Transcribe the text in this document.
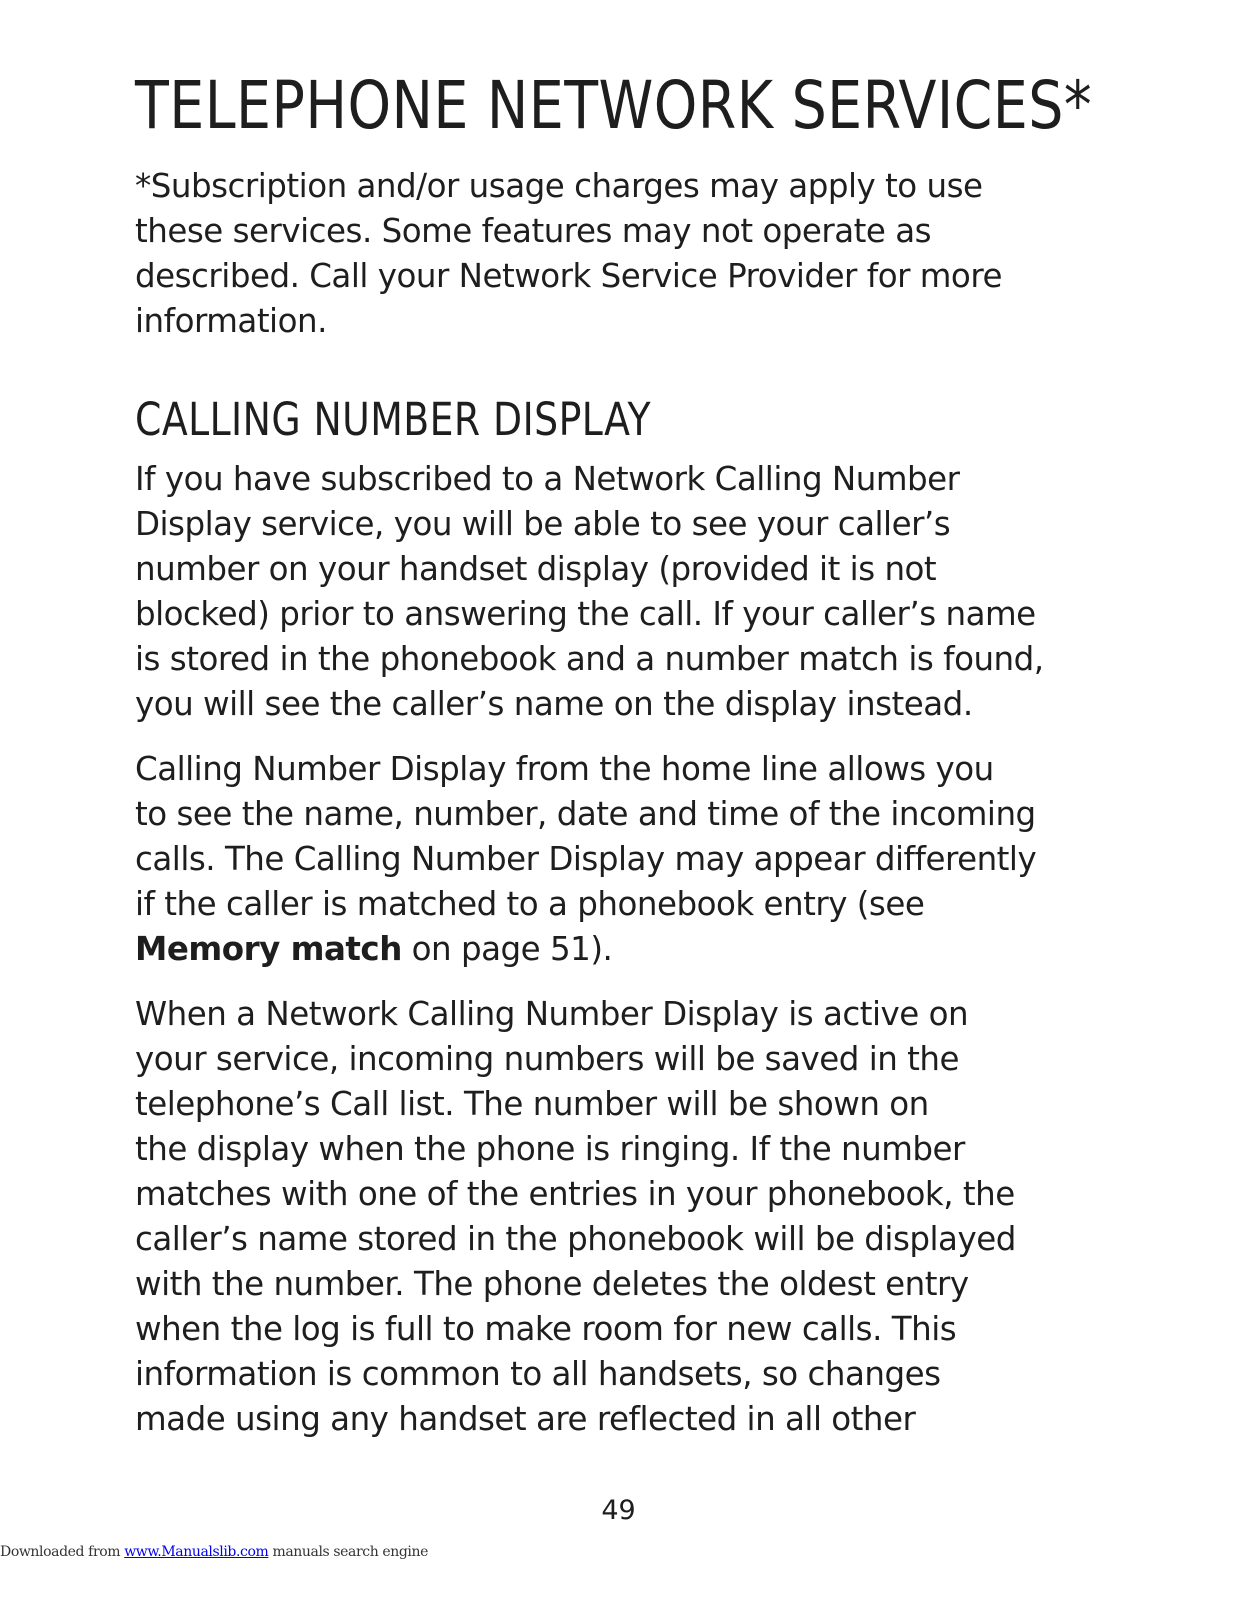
TELEPHONE NETWORK SERVICES*

*Subscription and/or usage charges may apply to use
these services. Some features may not operate as
described. Call your Network Service Provider for more
information.

CALLING NUMBER DISPLAY

If you have subscribed to a Network Calling Number
Display service, you will be able to see your caller’s
number on your handset display (provided it is not
blocked) prior to answering the call. If your caller’s name
is stored in the phonebook and a number match is found,
you will see the caller’s name on the display instead.

Calling Number Display from the home line allows you
to see the name, number, date and time of the incoming
calls. The Calling Number Display may appear differently
if the caller is matched to a phonebook entry (see
Memory match on page 51).

When a Network Calling Number Display is active on
your service, incoming numbers will be saved in the
telephone’s Call list. The number will be shown on
the display when the phone is ringing. If the number
matches with one of the entries in your phonebook, the
caller’s name stored in the phonebook will be displayed
with the number. The phone deletes the oldest entry
when the log is full to make room for new calls. This
information is common to all handsets, so changes
made using any handset are reflected in all other

49
Downloaded from www.Manualslib.com manuals search engine
